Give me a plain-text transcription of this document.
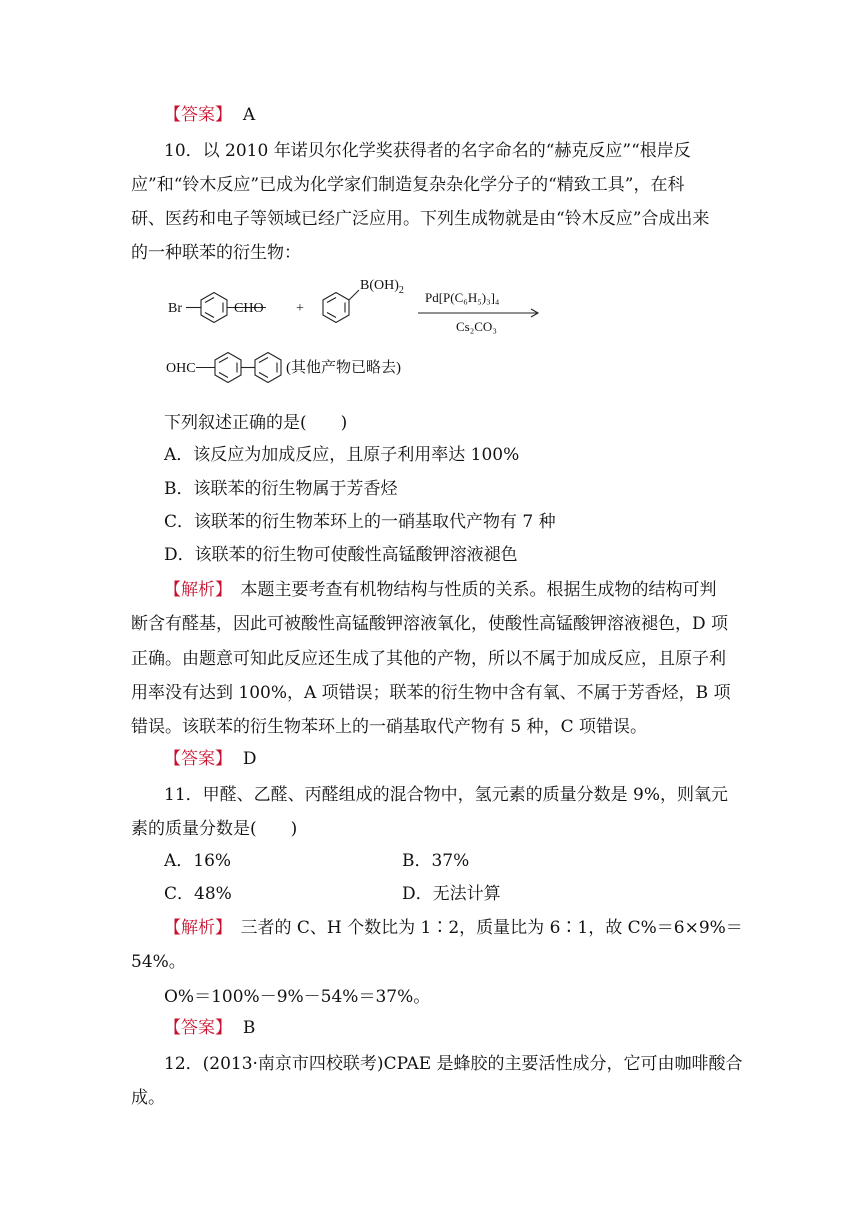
【答案】 A
10．以 2010 年诺贝尔化学奖获得者的名字命名的“赫克反应”“根岸反
应”和“铃木反应”已成为化学家们制造复杂杂化学分子的“精致工具”，在科
研、医药和电子等领域已经广泛应用。下列生成物就是由“铃木反应”合成出来
的一种联苯的衍生物：
Br	CHO +
$B(OH)_2$ Pd[P(C₆H₅)₃]₄
Cs₂CO₃
OHC	(其他产物已略去)
下列叙述正确的是(　　)
A．该反应为加成反应，且原子利用率达 100%
B．该联苯的衍生物属于芳香烃
C．该联苯的衍生物苯环上的一硝基取代产物有 7 种
D．该联苯的衍生物可使酸性高锰酸钾溶液褪色
【解析】　本题主要考查有机物结构与性质的关系。根据生成物的结构可判
断含有醛基，因此可被酸性高锰酸钾溶液氧化，使酸性高锰酸钾溶液褪色，D 项
正确。由题意可知此反应还生成了其他的产物，所以不属于加成反应，且原子利
用率没有达到 100%，A 项错误；联苯的衍生物中含有氧、不属于芳香烃，B 项
错误。该联苯的衍生物苯环上的一硝基取代产物有 5 种，C 项错误。
【答案】 D
11．甲醛、乙醛、丙醛组成的混合物中，氢元素的质量分数是 9%，则氧元
素的质量分数是(　　)
A．16%	B．37%
C．48%	D．无法计算
【解析】　三者的 C、H 个数比为 1∶2，质量比为 6∶1，故 C%＝6×9%＝
54%。
O%＝100%－9%－54%＝37%。
【答案】 B
12．(2013·南京市四校联考)CPAE 是蜂胶的主要活性成分，它可由咖啡酸合
成。
